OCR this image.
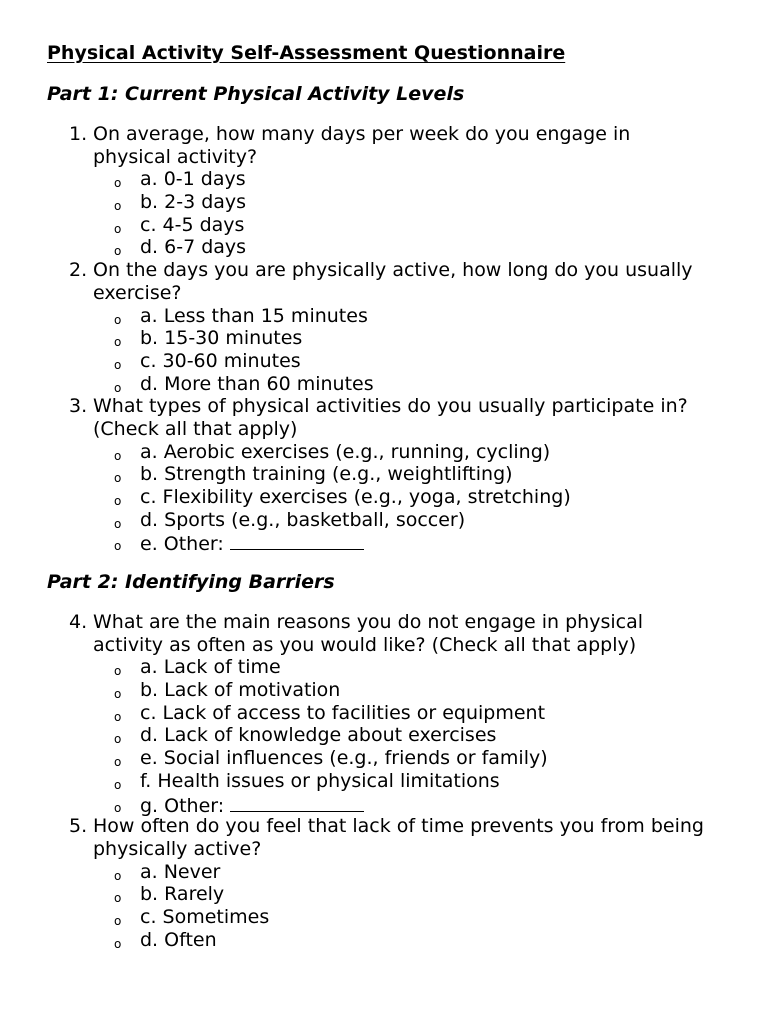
Physical Activity Self-Assessment Questionnaire
Part 1: Current Physical Activity Levels
1. On average, how many days per week do you engage in physical activity?
o a. 0-1 days
o b. 2-3 days
o c. 4-5 days
o d. 6-7 days
2. On the days you are physically active, how long do you usually exercise?
o a. Less than 15 minutes
o b. 15-30 minutes
o c. 30-60 minutes
o d. More than 60 minutes
3. What types of physical activities do you usually participate in? (Check all that apply)
o a. Aerobic exercises (e.g., running, cycling)
o b. Strength training (e.g., weightlifting)
o c. Flexibility exercises (e.g., yoga, stretching)
o d. Sports (e.g., basketball, soccer)
o e. Other:
Part 2: Identifying Barriers
4. What are the main reasons you do not engage in physical activity as often as you would like? (Check all that apply)
o a. Lack of time
o b. Lack of motivation
o c. Lack of access to facilities or equipment
o d. Lack of knowledge about exercises
o e. Social influences (e.g., friends or family)
o f. Health issues or physical limitations
o g. Other:
5. How often do you feel that lack of time prevents you from being physically active?
o a. Never
o b. Rarely
o c. Sometimes
o d. Often
